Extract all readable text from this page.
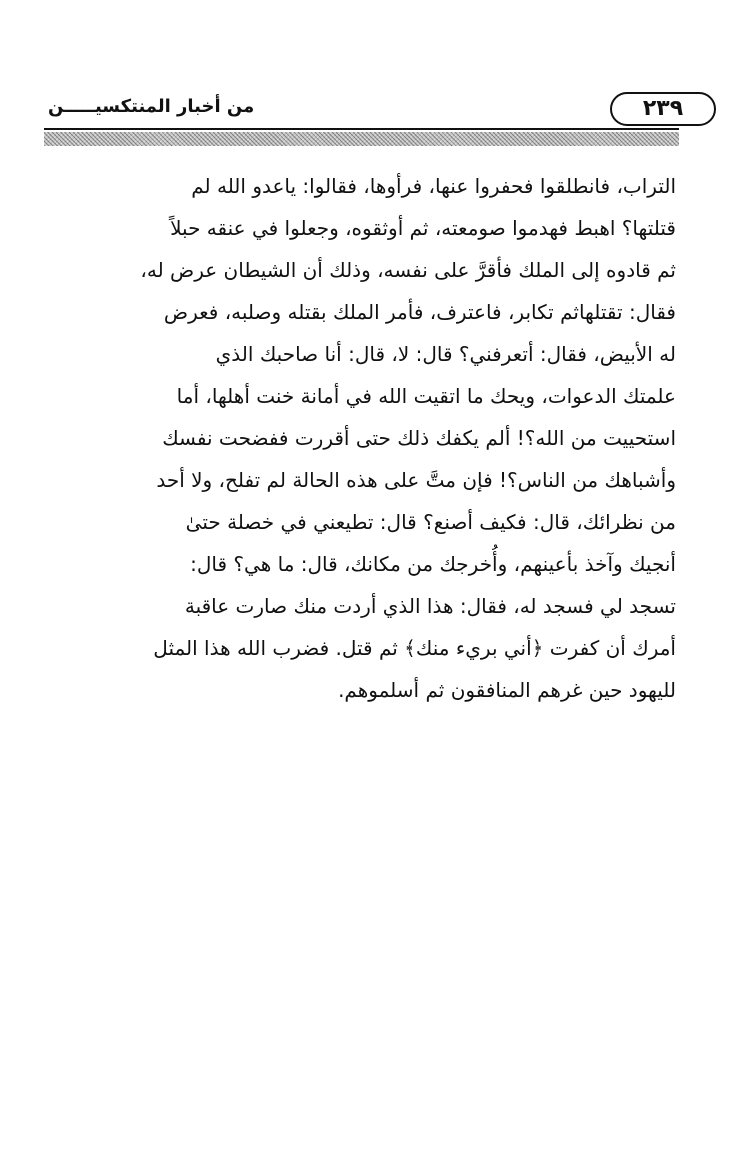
٢٣٩
من أخبار المنتكسيـــــن
التراب، فانطلقوا فحفروا عنها، فرأوها، فقالوا: ياعدو الله لم
قتلتها؟ اهبط فهدموا صومعته، ثم أوثقوه، وجعلوا في عنقه حبلاً
ثم قادوه إلى الملك فأقرَّ على نفسه، وذلك أن الشيطان عرض له،
فقال: تقتلهاثم تكابر، فاعترف، فأمر الملك بقتله وصلبه، فعرض
له الأبيض، فقال: أتعرفني؟ قال: لا، قال: أنا صاحبك الذي
علمتك الدعوات، ويحك ما اتقيت الله في أمانة خنت أهلها، أما
استحييت من الله؟! ألم يكفك ذلك حتى أقررت ففضحت نفسك
وأشباهك من الناس؟! فإن متَّ على هذه الحالة لم تفلح، ولا أحد
من نظرائك، قال: فكيف أصنع؟ قال: تطيعني في خصلة حتىٰ
أنجيك وآخذ بأعينهم، وأُخرجك من مكانك، قال: ما هي؟ قال:
تسجد لي فسجد له، فقال: هذا الذي أردت منك صارت عاقبة
أمرك أن كفرت ﴿أني بريء منك﴾ ثم قتل. فضرب الله هذا المثل
لليهود حين غرهم المنافقون ثم أسلموهم.
